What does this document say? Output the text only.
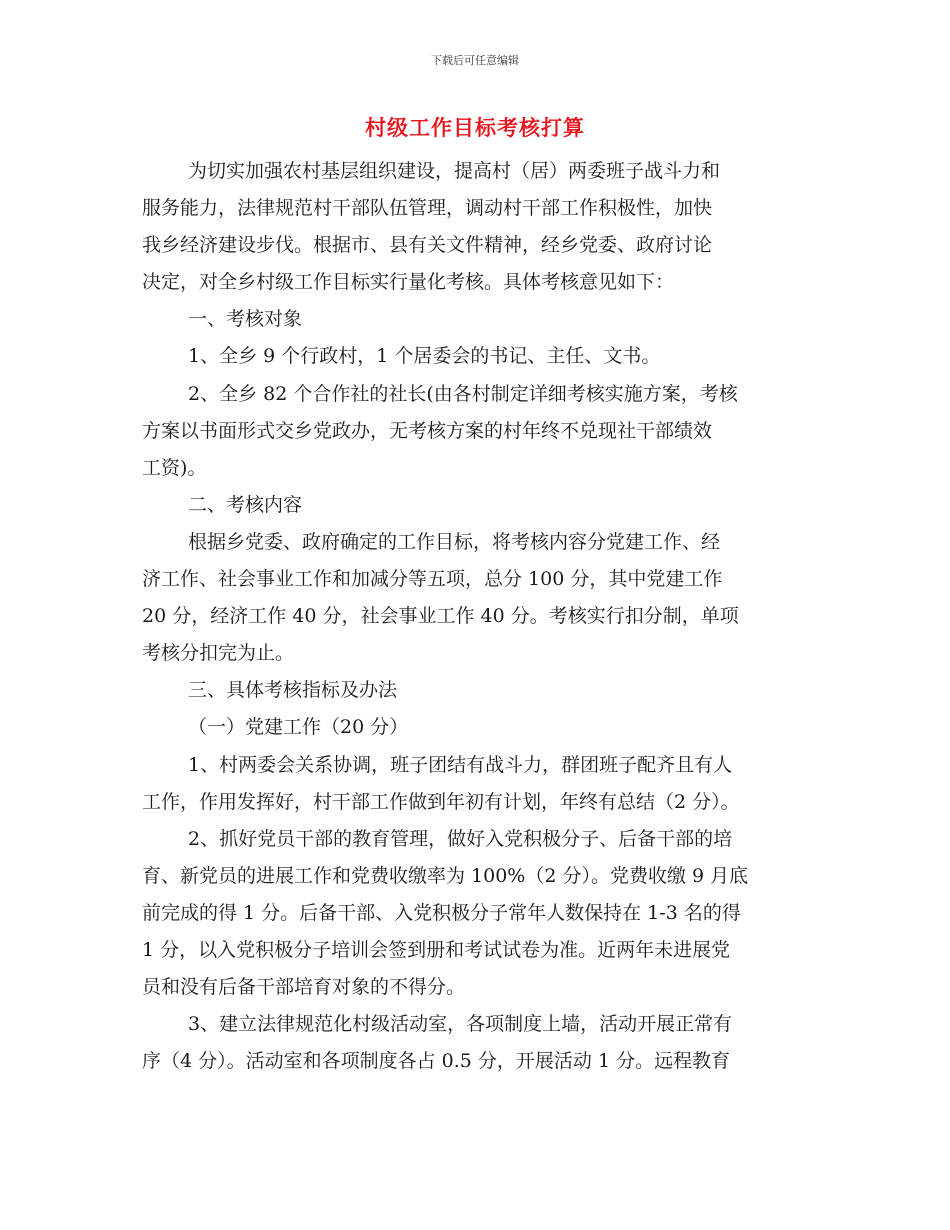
下载后可任意编辑
村级工作目标考核打算
为切实加强农村基层组织建设，提高村（居）两委班子战斗力和
服务能力，法律规范村干部队伍管理，调动村干部工作积极性，加快
我乡经济建设步伐。根据市、县有关文件精神，经乡党委、政府讨论
决定，对全乡村级工作目标实行量化考核。具体考核意见如下：
一、考核对象
1、全乡 9 个行政村，1 个居委会的书记、主任、文书。
2、全乡 82 个合作社的社长(由各村制定详细考核实施方案，考核
方案以书面形式交乡党政办，无考核方案的村年终不兑现社干部绩效
工资)。
二、考核内容
根据乡党委、政府确定的工作目标，将考核内容分党建工作、经
济工作、社会事业工作和加减分等五项，总分 100 分，其中党建工作
20 分，经济工作 40 分，社会事业工作 40 分。考核实行扣分制，单项
考核分扣完为止。
三、具体考核指标及办法
（一）党建工作（20 分）
1、村两委会关系协调，班子团结有战斗力，群团班子配齐且有人
工作，作用发挥好，村干部工作做到年初有计划，年终有总结（2 分）。
2、抓好党员干部的教育管理，做好入党积极分子、后备干部的培
育、新党员的进展工作和党费收缴率为 100%（2 分）。党费收缴 9 月底
前完成的得 1 分。后备干部、入党积极分子常年人数保持在 1-3 名的得
1 分，以入党积极分子培训会签到册和考试试卷为准。近两年未进展党
员和没有后备干部培育对象的不得分。
3、建立法律规范化村级活动室，各项制度上墙，活动开展正常有
序（4 分）。活动室和各项制度各占 0.5 分，开展活动 1 分。远程教育
